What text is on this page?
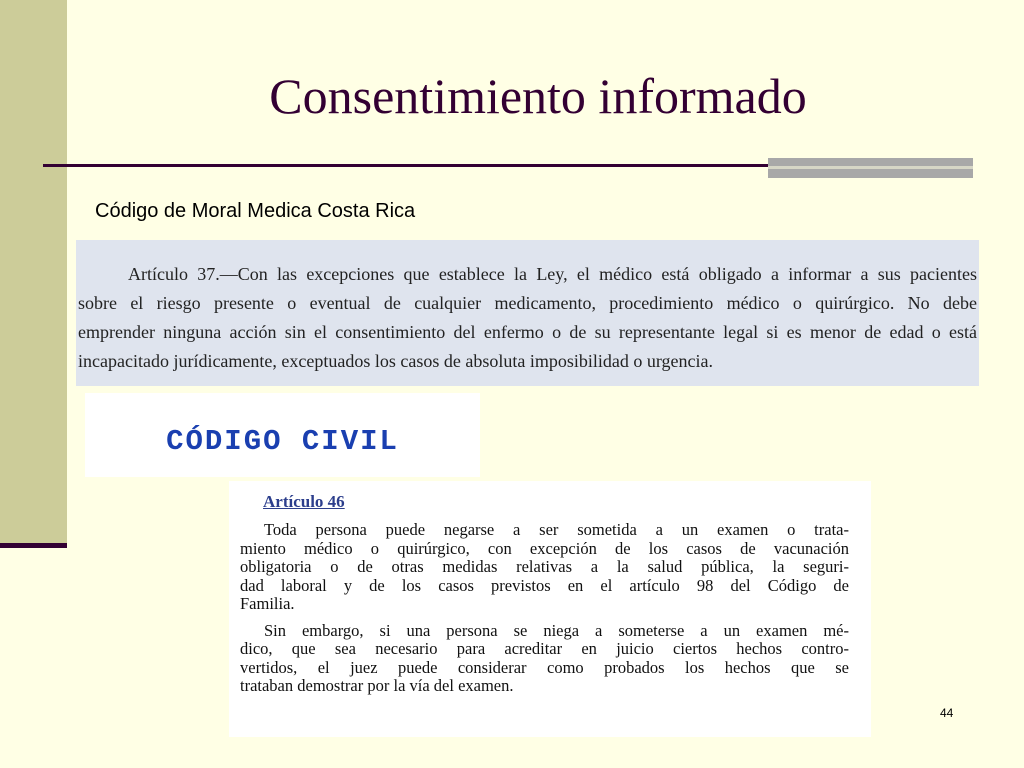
Consentimiento informado
Código de Moral Medica Costa Rica
Artículo 37.—Con las excepciones que establece la Ley, el médico está obligado a informar a sus pacientes
sobre el riesgo presente o eventual de cualquier medicamento, procedimiento médico o quirúrgico. No debe
emprender ninguna acción sin el consentimiento del enfermo o de su representante legal si es menor de edad o está
incapacitado jurídicamente, exceptuados los casos de absoluta imposibilidad o urgencia.
CÓDIGO CIVIL
Artículo 46
Toda persona puede negarse a ser sometida a un examen o trata-
miento médico o quirúrgico, con excepción de los casos de vacunación
obligatoria o de otras medidas relativas a la salud pública, la seguri-
dad laboral y de los casos previstos en el artículo 98 del Código de
Familia.
Sin embargo, si una persona se niega a someterse a un examen mé-
dico, que sea necesario para acreditar en juicio ciertos hechos contro-
vertidos, el juez puede considerar como probados los hechos que se
trataban demostrar por la vía del examen.
44
